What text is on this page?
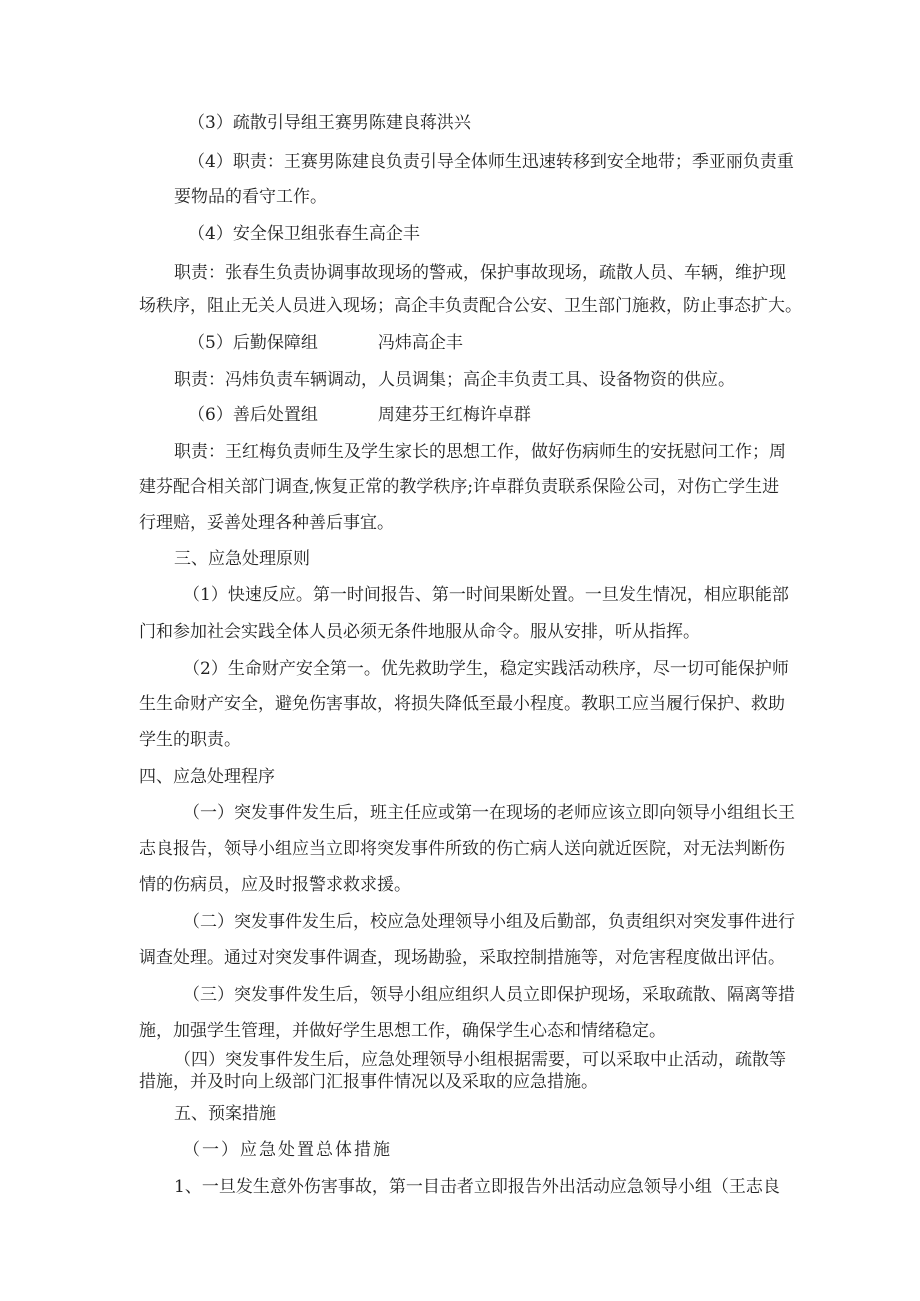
（3）疏散引导组王赛男陈建良蒋洪兴
（4）职责：王赛男陈建良负责引导全体师生迅速转移到安全地带；季亚丽负责重
要物品的看守工作。
（4）安全保卫组张春生高企丰
职责：张春生负责协调事故现场的警戒，保护事故现场，疏散人员、车辆，维护现
场秩序，阻止无关人员进入现场；高企丰负责配合公安、卫生部门施救，防止事态扩大。
（5）后勤保障组	冯炜高企丰
职责：冯炜负责车辆调动，人员调集；高企丰负责工具、设备物资的供应。
（6）善后处置组	周建芬王红梅许卓群
职责：王红梅负责师生及学生家长的思想工作，做好伤病师生的安抚慰问工作；周
建芬配合相关部门调查,恢复正常的教学秩序;许卓群负责联系保险公司，对伤亡学生进
行理赔，妥善处理各种善后事宜。
三、应急处理原则
（1）快速反应。第一时间报告、第一时间果断处置。一旦发生情况，相应职能部
门和参加社会实践全体人员必须无条件地服从命令。服从安排，听从指挥。
（2）生命财产安全第一。优先救助学生，稳定实践活动秩序，尽一切可能保护师
生生命财产安全，避免伤害事故，将损失降低至最小程度。教职工应当履行保护、救助
学生的职责。
四、应急处理程序
（一）突发事件发生后，班主任应或第一在现场的老师应该立即向领导小组组长王
志良报告，领导小组应当立即将突发事件所致的伤亡病人送向就近医院，对无法判断伤
情的伤病员，应及时报警求救求援。
（二）突发事件发生后，校应急处理领导小组及后勤部，负责组织对突发事件进行
调查处理。通过对突发事件调查，现场勘验，采取控制措施等，对危害程度做出评估。
（三）突发事件发生后，领导小组应组织人员立即保护现场，采取疏散、隔离等措
施，加强学生管理，并做好学生思想工作，确保学生心态和情绪稳定。
（四）突发事件发生后，应急处理领导小组根据需要，可以采取中止活动，疏散等
措施，并及时向上级部门汇报事件情况以及采取的应急措施。
五、预案措施
（一）应急处置总体措施
1、一旦发生意外伤害事故，第一目击者立即报告外出活动应急领导小组（王志良
